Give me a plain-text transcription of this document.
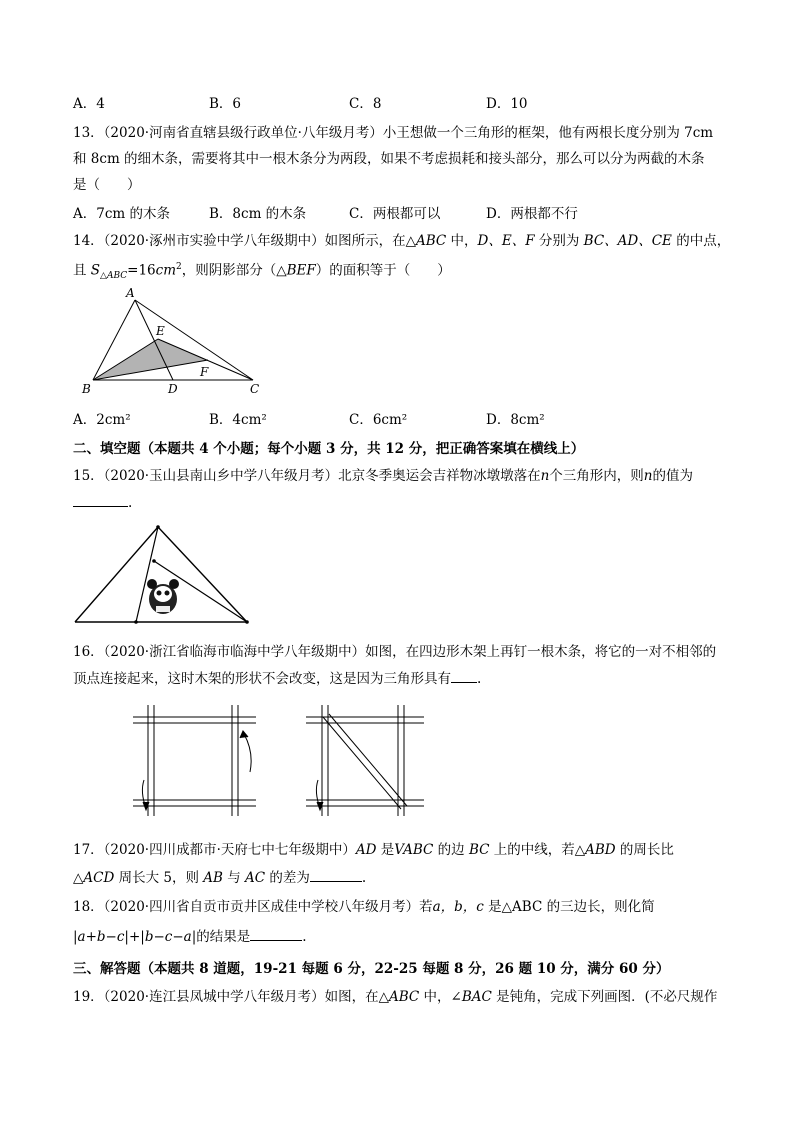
A．4	B．6	C．8	D．10
13．（2020·河南省直辖县级行政单位·八年级月考）小王想做一个三角形的框架，他有两根长度分别为 7cm
和 8cm 的细木条，需要将其中一根木条分为两段，如果不考虑损耗和接头部分，那么可以分为两截的木条
是（　　）
A．7cm 的木条	B．8cm 的木条	C．两根都可以	D．两根都不行
14．（2020·涿州市实验中学八年级期中）如图所示，在△ABC 中，D、E、F 分别为 BC、AD、CE 的中点，
且 $S_{\triangle ABC}=16cm^2$，则阴影部分（△BEF）的面积等于（　　）
A
E
F
B	D	C
A．2cm²	B．4cm²	C．6cm²	D．8cm²
二、填空题（本题共 4 个小题；每个小题 3 分，共 12 分，把正确答案填在横线上）
15．（2020·玉山县南山乡中学八年级月考）北京冬季奥运会吉祥物冰墩墩落在n个三角形内，则n的值为
.
16．（2020·浙江省临海市临海中学八年级期中）如图，在四边形木架上再钉一根木条，将它的一对不相邻的
顶点连接起来，这时木架的形状不会改变，这是因为三角形具有 .
17．（2020·四川成都市·天府七中七年级期中）AD 是VABC 的边 BC 上的中线，若△ABD 的周长比
△ACD 周长大 5，则 AB 与 AC 的差为	.
18．（2020·四川省自贡市贡井区成佳中学校八年级月考）若a，b，c 是△ABC 的三边长，则化简
|a+b−c|+|b−c−a|的结果是	.
三、解答题（本题共 8 道题，19-21 每题 6 分，22-25 每题 8 分，26 题 10 分，满分 60 分）
19．（2020·连江县凤城中学八年级月考）如图，在△ABC 中，∠BAC 是钝角，完成下列画图．(不必尺规作
